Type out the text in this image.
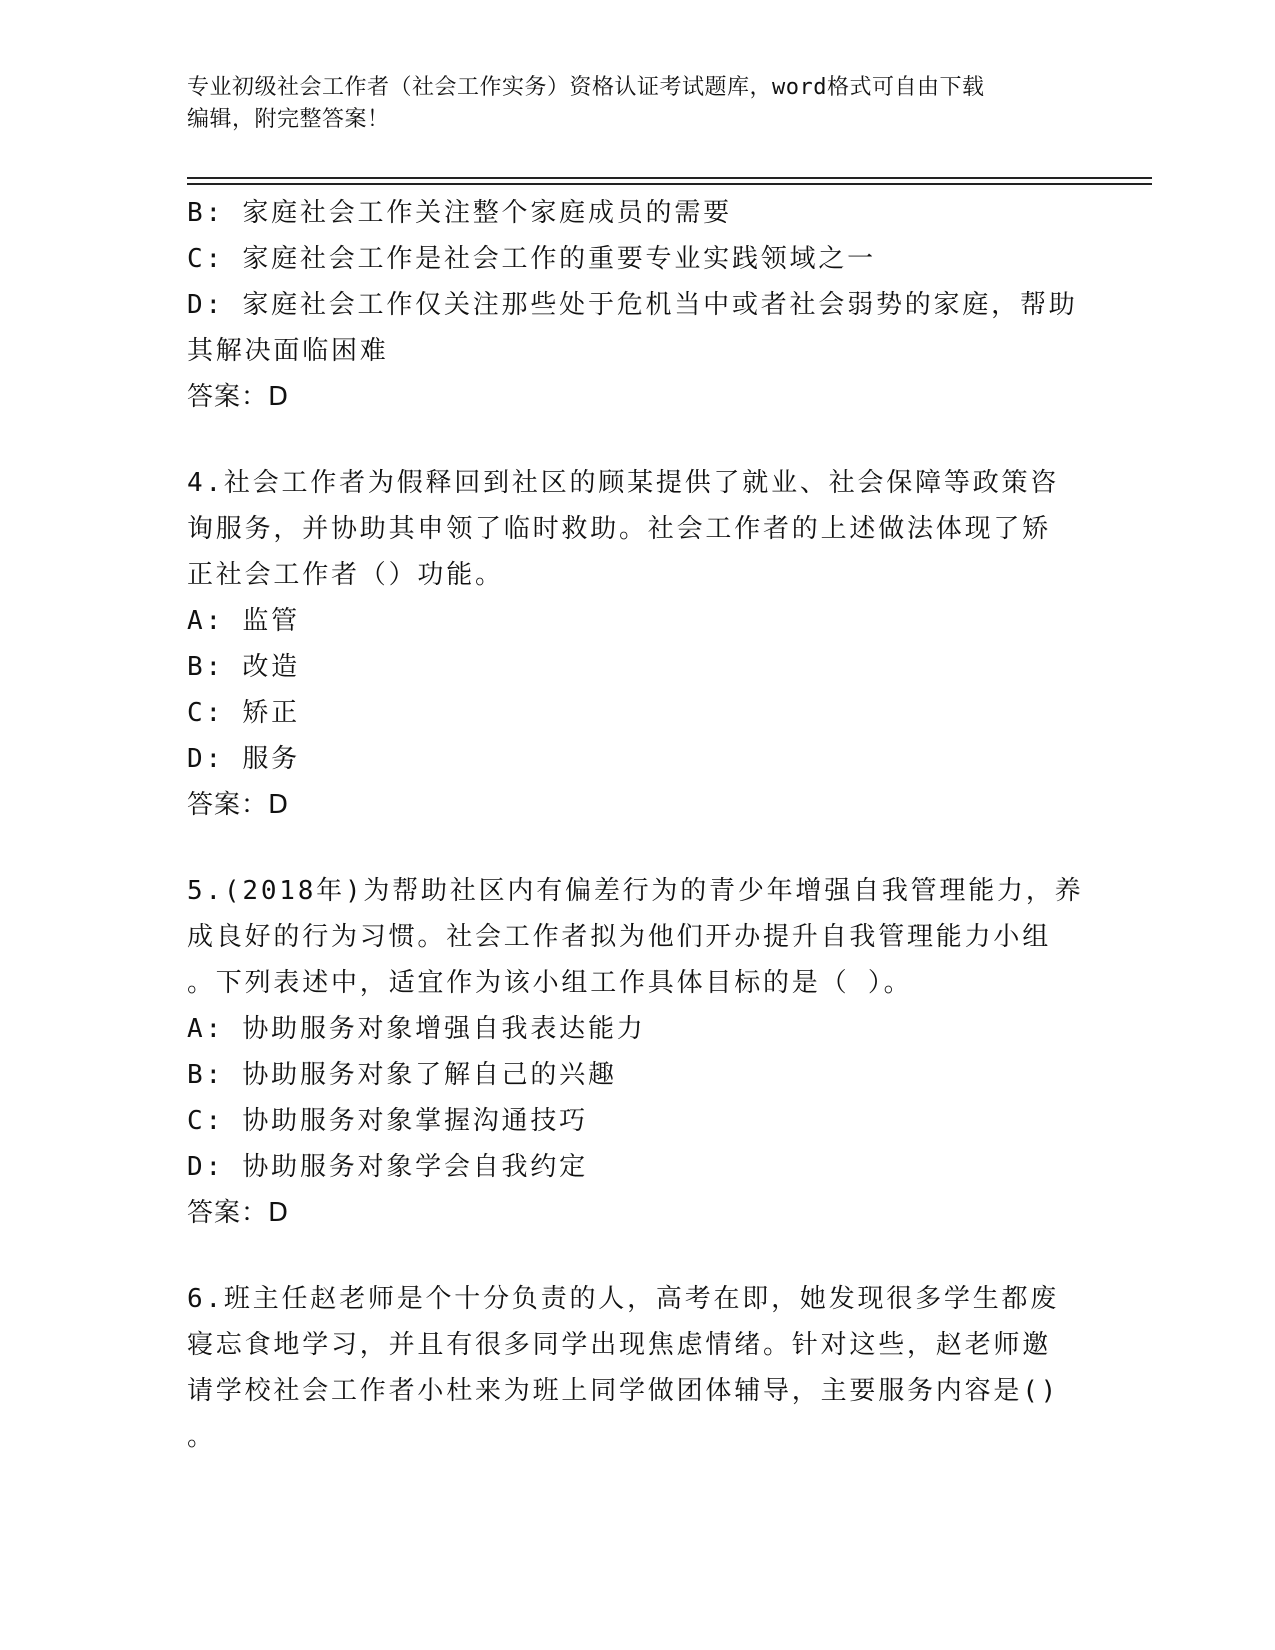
专业初级社会工作者（社会工作实务）资格认证考试题库，word格式可自由下载
编辑，附完整答案！
B: 家庭社会工作关注整个家庭成员的需要
C: 家庭社会工作是社会工作的重要专业实践领域之一
D: 家庭社会工作仅关注那些处于危机当中或者社会弱势的家庭，帮助
其解决面临困难
答案：D
4.社会工作者为假释回到社区的顾某提供了就业、社会保障等政策咨
询服务，并协助其申领了临时救助。社会工作者的上述做法体现了矫
正社会工作者（）功能。
A: 监管
B: 改造
C: 矫正
D: 服务
答案：D
5.(2018年)为帮助社区内有偏差行为的青少年增强自我管理能力，养
成良好的行为习惯。社会工作者拟为他们开办提升自我管理能力小组
。下列表述中，适宜作为该小组工作具体目标的是（ ）。
A: 协助服务对象增强自我表达能力
B: 协助服务对象了解自己的兴趣
C: 协助服务对象掌握沟通技巧
D: 协助服务对象学会自我约定
答案：D
6.班主任赵老师是个十分负责的人，高考在即，她发现很多学生都废
寝忘食地学习，并且有很多同学出现焦虑情绪。针对这些，赵老师邀
请学校社会工作者小杜来为班上同学做团体辅导，主要服务内容是()
。
